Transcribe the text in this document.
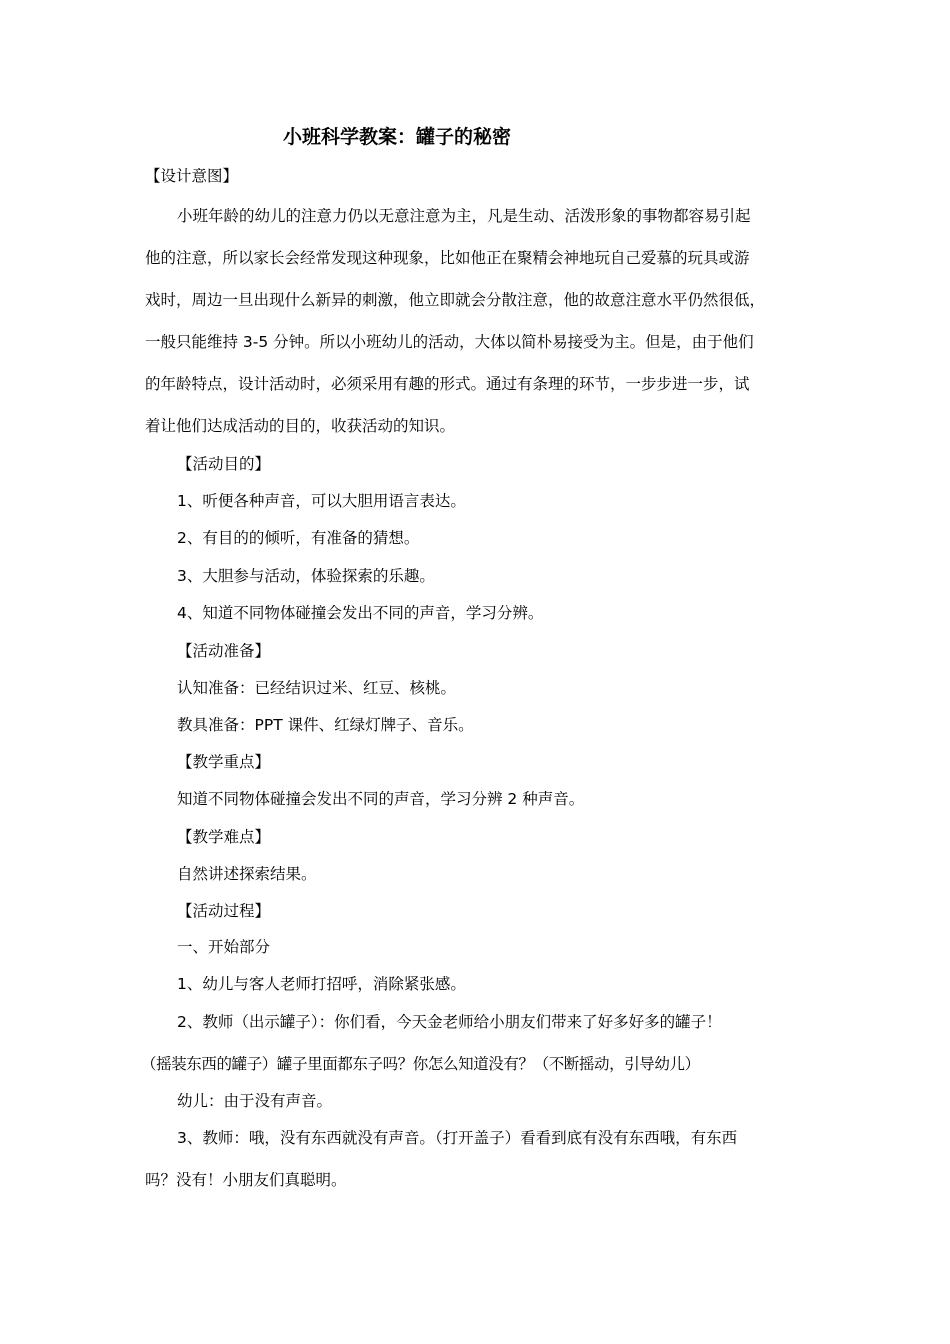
小班科学教案：罐子的秘密
【设计意图】
小班年龄的幼儿的注意力仍以无意注意为主，凡是生动、活泼形象的事物都容易引起
他的注意，所以家长会经常发现这种现象，比如他正在聚精会神地玩自己爱慕的玩具或游
戏时，周边一旦出现什么新异的刺激，他立即就会分散注意，他的故意注意水平仍然很低，
一般只能维持 3-5 分钟。所以小班幼儿的活动，大体以简朴易接受为主。但是，由于他们
的年龄特点，设计活动时，必须采用有趣的形式。通过有条理的环节，一步步进一步，试
着让他们达成活动的目的，收获活动的知识。
【活动目的】
1、听便各种声音，可以大胆用语言表达。
2、有目的的倾听，有准备的猜想。
3、大胆参与活动，体验探索的乐趣。
4、知道不同物体碰撞会发出不同的声音，学习分辨。
【活动准备】
认知准备：已经结识过米、红豆、核桃。
教具准备：PPT 课件、红绿灯牌子、音乐。
【教学重点】
知道不同物体碰撞会发出不同的声音，学习分辨 2 种声音。
【教学难点】
自然讲述探索结果。
【活动过程】
一、开始部分
1、幼儿与客人老师打招呼，消除紧张感。
2、教师（出示罐子）：你们看，今天金老师给小朋友们带来了好多好多的罐子！
（摇装东西的罐子）罐子里面都东子吗？你怎么知道没有？（不断摇动，引导幼儿）
幼儿：由于没有声音。
3、教师：哦，没有东西就没有声音。（打开盖子）看看到底有没有东西哦，有东西
吗？没有！小朋友们真聪明。
